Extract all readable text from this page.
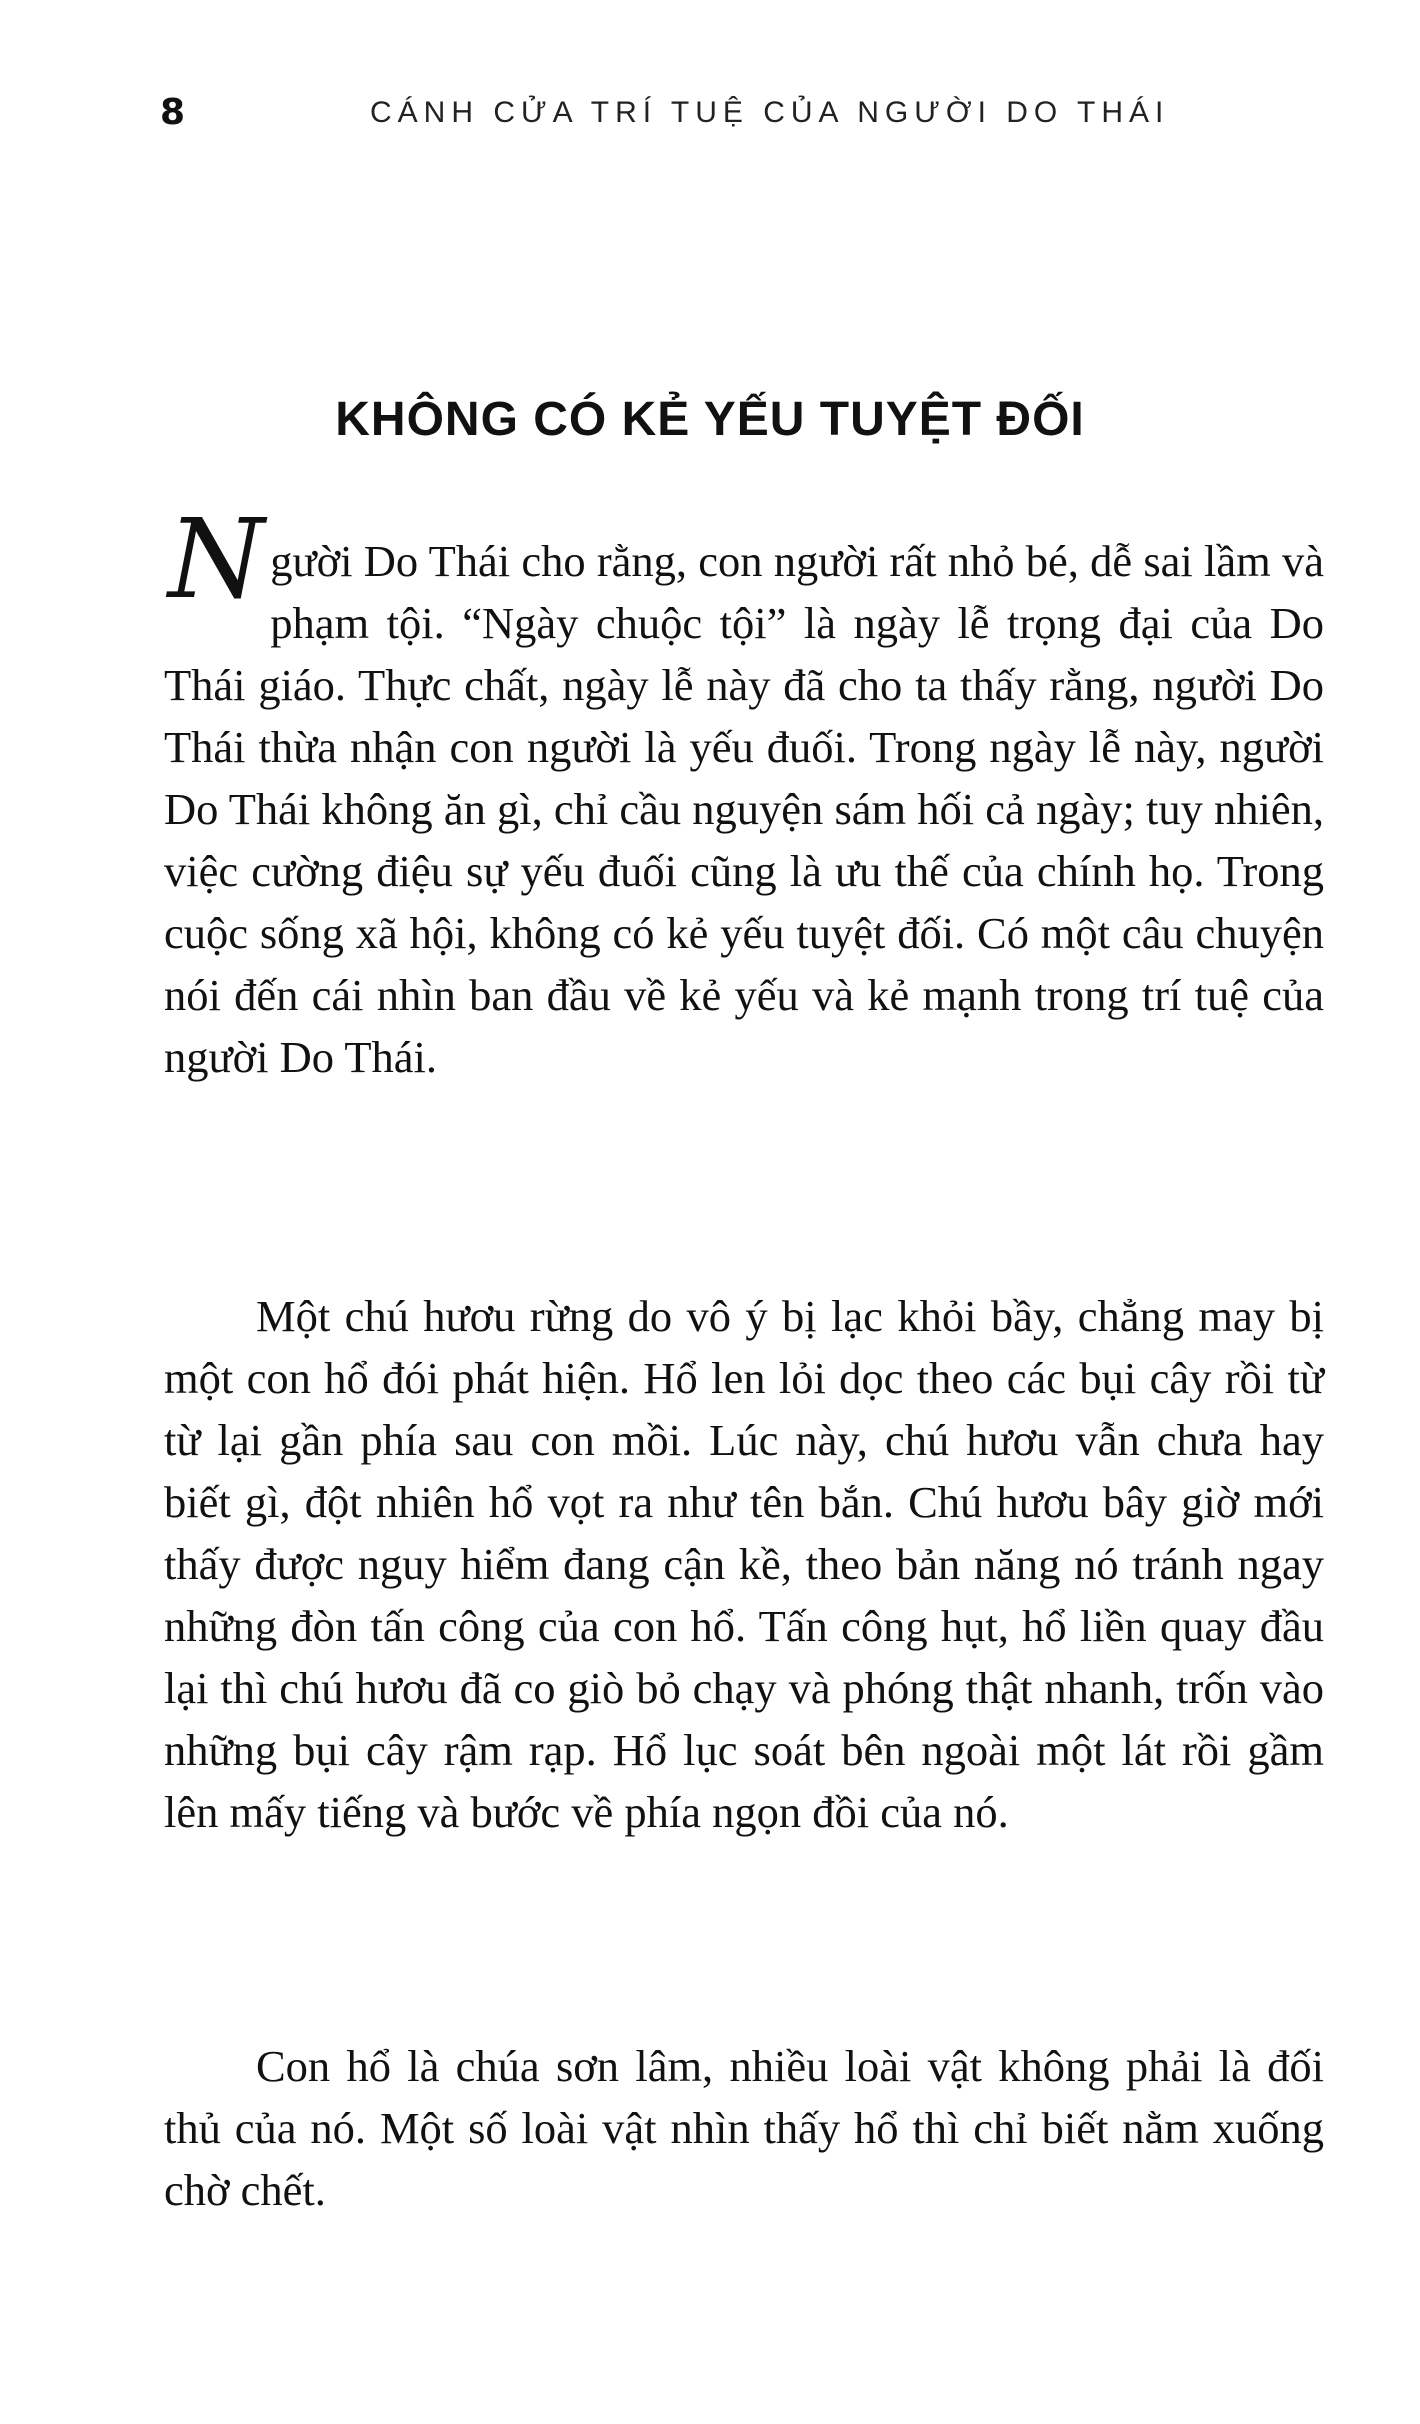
8	CÁNH CỬA TRÍ TUỆ CỦA NGƯỜI DO THÁI
KHÔNG CÓ KẺ YẾU TUYỆT ĐỐI

Người Do Thái cho rằng, con người rất nhỏ bé, dễ sai lầm và phạm tội. “Ngày chuộc tội” là ngày lễ trọng đại của Do Thái giáo. Thực chất, ngày lễ này đã cho ta thấy rằng, người Do Thái thừa nhận con người là yếu đuối. Trong ngày lễ này, người Do Thái không ăn gì, chỉ cầu nguyện sám hối cả ngày; tuy nhiên, việc cường điệu sự yếu đuối cũng là ưu thế của chính họ. Trong cuộc sống xã hội, không có kẻ yếu tuyệt đối. Có một câu chuyện nói đến cái nhìn ban đầu về kẻ yếu và kẻ mạnh trong trí tuệ của người Do Thái.

Một chú hươu rừng do vô ý bị lạc khỏi bầy, chẳng may bị một con hổ đói phát hiện. Hổ len lỏi dọc theo các bụi cây rồi từ từ lại gần phía sau con mồi. Lúc này, chú hươu vẫn chưa hay biết gì, đột nhiên hổ vọt ra như tên bắn. Chú hươu bây giờ mới thấy được nguy hiểm đang cận kề, theo bản năng nó tránh ngay những đòn tấn công của con hổ. Tấn công hụt, hổ liền quay đầu lại thì chú hươu đã co giò bỏ chạy và phóng thật nhanh, trốn vào những bụi cây rậm rạp. Hổ lục soát bên ngoài một lát rồi gầm lên mấy tiếng và bước về phía ngọn đồi của nó.

Con hổ là chúa sơn lâm, nhiều loài vật không phải là đối thủ của nó. Một số loài vật nhìn thấy hổ thì chỉ biết nằm xuống chờ chết.
